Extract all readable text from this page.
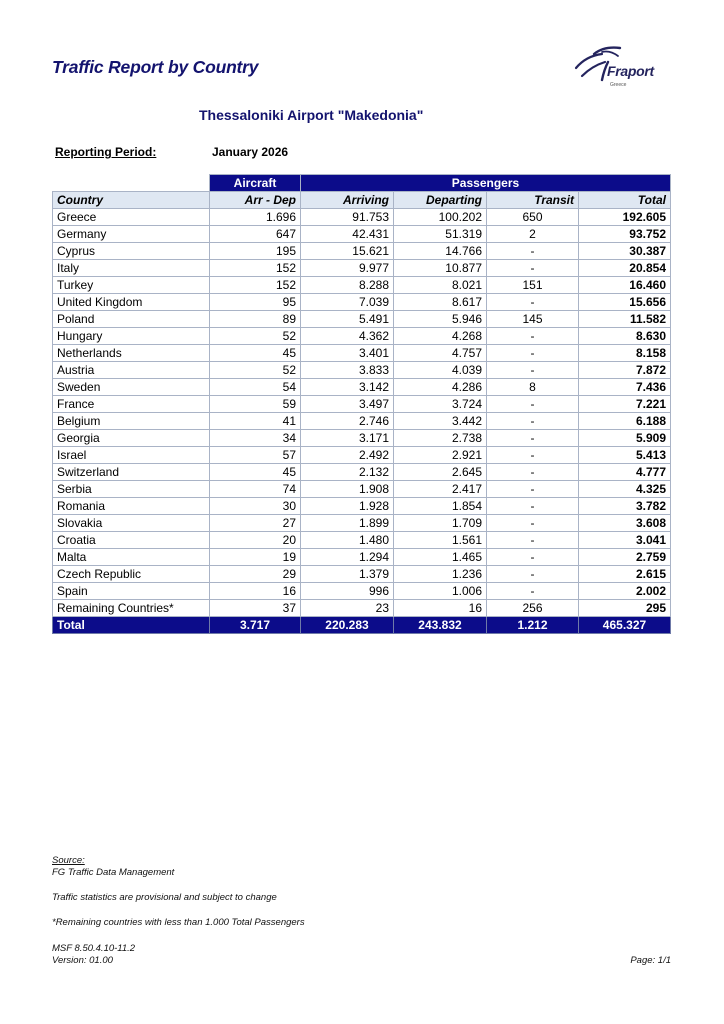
Traffic Report by Country	Fraport
Greece
Thessaloniki Airport "Makedonia"
Reporting Period:	January 2026
	Aircraft	Passengers			
Country	Arr - Dep	Arriving	Departing	Transit	Total
Greece	1.696	91.753	100.202	650	192.605
Germany	647	42.431	51.319	2	93.752
Cyprus	195	15.621	14.766	-	30.387
Italy	152	9.977	10.877	-	20.854
Turkey	152	8.288	8.021	151	16.460
United Kingdom	95	7.039	8.617	-	15.656
Poland	89	5.491	5.946	145	11.582
Hungary	52	4.362	4.268	-	8.630
Netherlands	45	3.401	4.757	-	8.158
Austria	52	3.833	4.039	-	7.872
Sweden	54	3.142	4.286	8	7.436
France	59	3.497	3.724	-	7.221
Belgium	41	2.746	3.442	-	6.188
Georgia	34	3.171	2.738	-	5.909
Israel	57	2.492	2.921	-	5.413
Switzerland	45	2.132	2.645	-	4.777
Serbia	74	1.908	2.417	-	4.325
Romania	30	1.928	1.854	-	3.782
Slovakia	27	1.899	1.709	-	3.608
Croatia	20	1.480	1.561	-	3.041
Malta	19	1.294	1.465	-	2.759
Czech Republic	29	1.379	1.236	-	2.615
Spain	16	996	1.006	-	2.002
Remaining Countries*	37	23	16	256	295
Total	3.717	220.283	243.832	1.212	465.327
Source:
FG Traffic Data Management
Traffic statistics are provisional and subject to change
*Remaining countries with less than 1.000 Total Passengers
MSF 8.50.4.10-11.2
Version: 01.00	Page: 1/1
